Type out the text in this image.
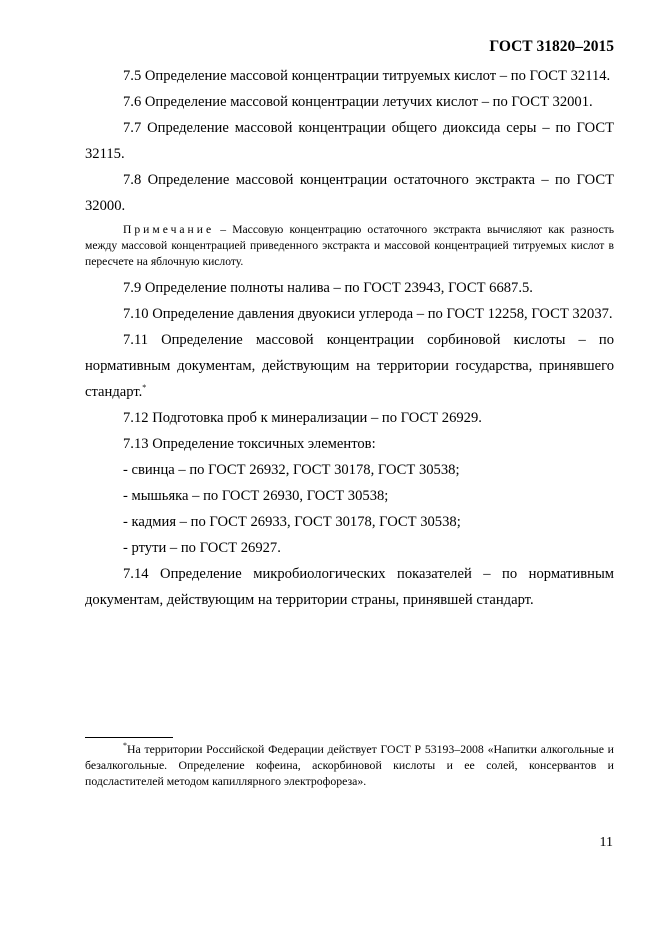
ГОСТ 31820–2015

7.5 Определение массовой концентрации титруемых кислот – по ГОСТ 32114.

7.6 Определение массовой концентрации летучих кислот – по ГОСТ 32001.

7.7 Определение массовой концентрации общего диоксида серы – по ГОСТ 32115.

7.8 Определение массовой концентрации остаточного экстракта – по ГОСТ 32000.

Примечание – Массовую концентрацию остаточного экстракта вычисляют как разность между массовой концентрацией приведенного экстракта и массовой концентрацией титруемых кислот в пересчете на яблочную кислоту.

7.9 Определение полноты налива – по ГОСТ 23943, ГОСТ 6687.5.

7.10 Определение давления двуокиси углерода – по ГОСТ 12258, ГОСТ 32037.

7.11 Определение массовой концентрации сорбиновой кислоты – по нормативным документам, действующим на территории государства, принявшего стандарт.*

7.12 Подготовка проб к минерализации – по ГОСТ 26929.

7.13 Определение токсичных элементов:

- свинца – по ГОСТ 26932, ГОСТ 30178, ГОСТ 30538;

- мышьяка – по ГОСТ 26930, ГОСТ 30538;

- кадмия – по ГОСТ 26933, ГОСТ 30178, ГОСТ 30538;

- ртути – по ГОСТ 26927.

7.14 Определение микробиологических показателей – по нормативным документам, действующим на территории страны, принявшей стандарт.

*На территории Российской Федерации действует ГОСТ Р 53193–2008 «Напитки алкогольные и безалкогольные. Определение кофеина, аскорбиновой кислоты и ее солей, консервантов и подсластителей методом капиллярного электрофореза».
11
